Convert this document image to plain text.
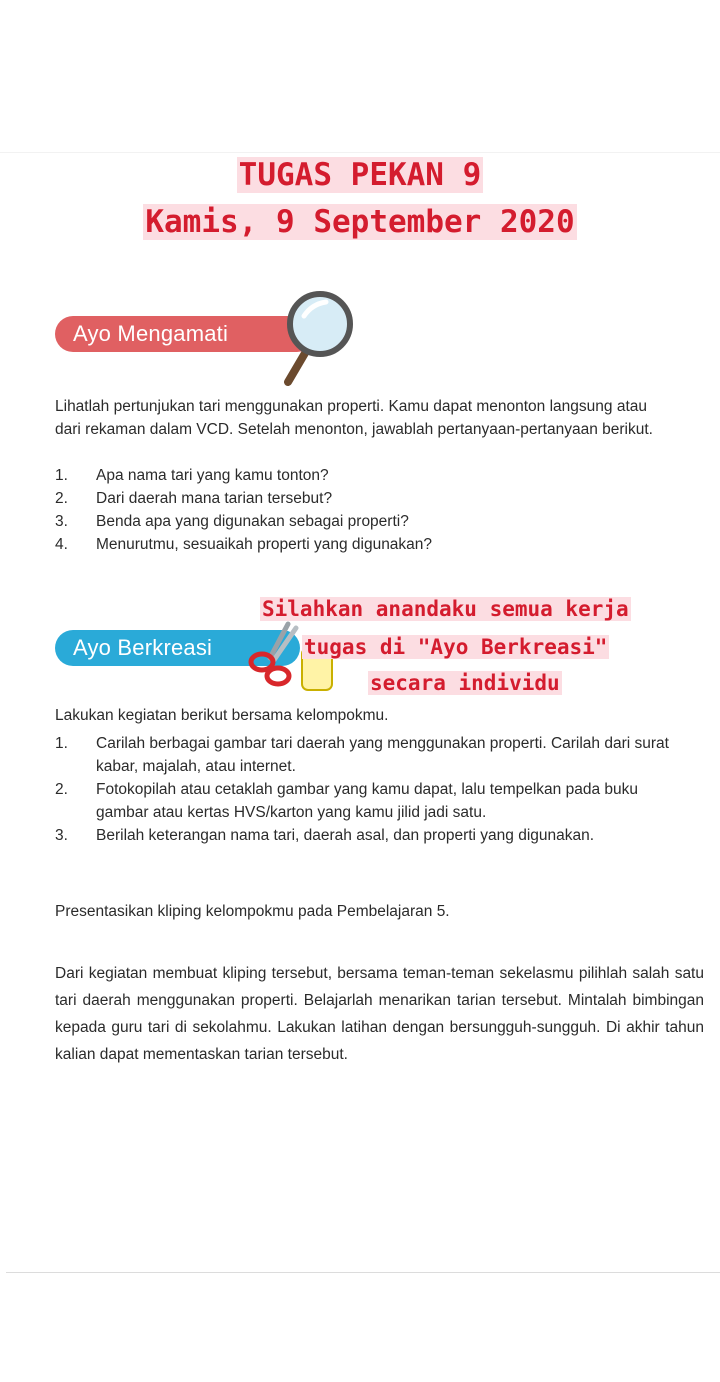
TUGAS PEKAN 9
Kamis, 9 September 2020
Ayo Mengamati
Lihatlah pertunjukan tari menggunakan properti. Kamu dapat menonton langsung atau dari rekaman dalam VCD. Setelah menonton, jawablah pertanyaan-pertanyaan berikut.
1. Apa nama tari yang kamu tonton?
2. Dari daerah mana tarian tersebut?
3. Benda apa yang digunakan sebagai properti?
4. Menurutmu, sesuaikah properti yang digunakan?
Ayo Berkreasi
Silahkan anandaku semua kerja
tugas di "Ayo Berkreasi"
secara individu
Lakukan kegiatan berikut bersama kelompokmu.
1. Carilah berbagai gambar tari daerah yang menggunakan properti. Carilah dari surat kabar, majalah, atau internet.
2. Fotokopilah atau cetaklah gambar yang kamu dapat, lalu tempelkan pada buku gambar atau kertas HVS/karton yang kamu jilid jadi satu.
3. Berilah keterangan nama tari, daerah asal, dan properti yang digunakan.
Presentasikan kliping kelompokmu pada Pembelajaran 5.
Dari kegiatan membuat kliping tersebut, bersama teman-teman sekelasmu pilihlah salah satu tari daerah menggunakan properti. Belajarlah menarikan tarian tersebut. Mintalah bimbingan kepada guru tari di sekolahmu. Lakukan latihan dengan bersungguh-sungguh. Di akhir tahun kalian dapat mementaskan tarian tersebut.
